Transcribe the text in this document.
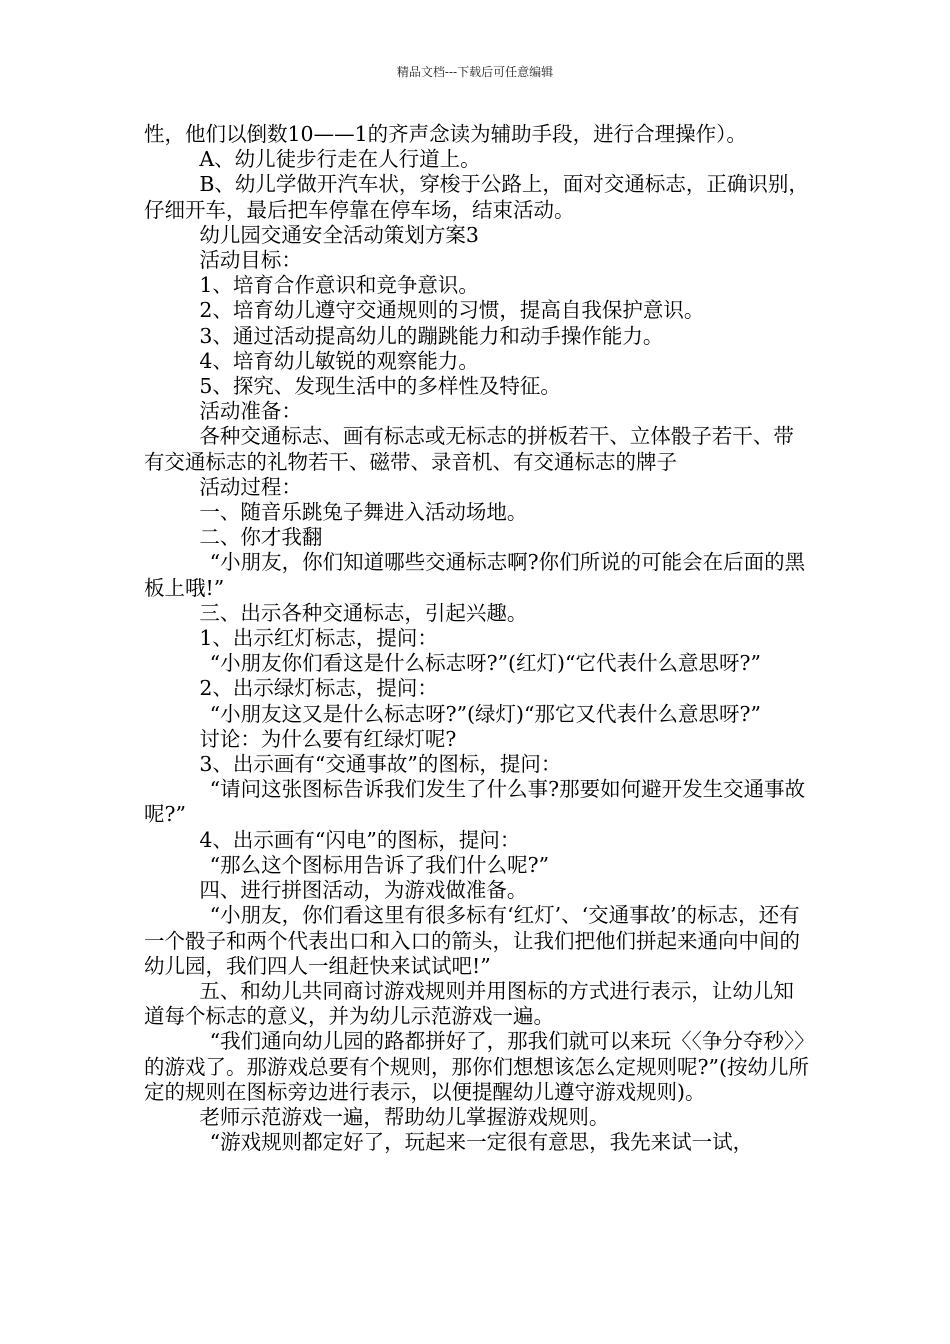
精品文档---下载后可任意编辑

性，他们以倒数10——1的齐声念读为辅助手段，进行合理操作）。

A、幼儿徒步行走在人行道上。

B、幼儿学做开汽车状，穿梭于公路上，面对交通标志，正确识别，仔细开车，最后把车停靠在停车场，结束活动。

幼儿园交通安全活动策划方案3

活动目标：

1、培育合作意识和竞争意识。

2、培育幼儿遵守交通规则的习惯，提高自我保护意识。

3、通过活动提高幼儿的蹦跳能力和动手操作能力。

4、培育幼儿敏锐的观察能力。

5、探究、发现生活中的多样性及特征。

活动准备：

各种交通标志、画有标志或无标志的拼板若干、立体骰子若干、带有交通标志的礼物若干、磁带、录音机、有交通标志的牌子

活动过程：

一、随音乐跳兔子舞进入活动场地。

二、你才我翻

“小朋友，你们知道哪些交通标志啊?你们所说的可能会在后面的黑板上哦!”

三、出示各种交通标志，引起兴趣。

1、出示红灯标志，提问：

“小朋友你们看这是什么标志呀?”(红灯)“它代表什么意思呀?”

2、出示绿灯标志，提问：

“小朋友这又是什么标志呀?”(绿灯)“那它又代表什么意思呀?”

讨论：为什么要有红绿灯呢?

3、出示画有“交通事故”的图标，提问：

“请问这张图标告诉我们发生了什么事?那要如何避开发生交通事故呢?”

4、出示画有“闪电”的图标，提问：

“那么这个图标用告诉了我们什么呢?”

四、进行拼图活动，为游戏做准备。

“小朋友，你们看这里有很多标有‘红灯’、‘交通事故’的标志，还有一个骰子和两个代表出口和入口的箭头，让我们把他们拼起来通向中间的幼儿园，我们四人一组赶快来试试吧!”

五、和幼儿共同商讨游戏规则并用图标的方式进行表示，让幼儿知道每个标志的意义，并为幼儿示范游戏一遍。

“我们通向幼儿园的路都拼好了，那我们就可以来玩〈〈争分夺秒〉〉的游戏了。那游戏总要有个规则，那你们想想该怎么定规则呢?”(按幼儿所定的规则在图标旁边进行表示，以便提醒幼儿遵守游戏规则)。

老师示范游戏一遍，帮助幼儿掌握游戏规则。

“游戏规则都定好了，玩起来一定很有意思，我先来试一试，
